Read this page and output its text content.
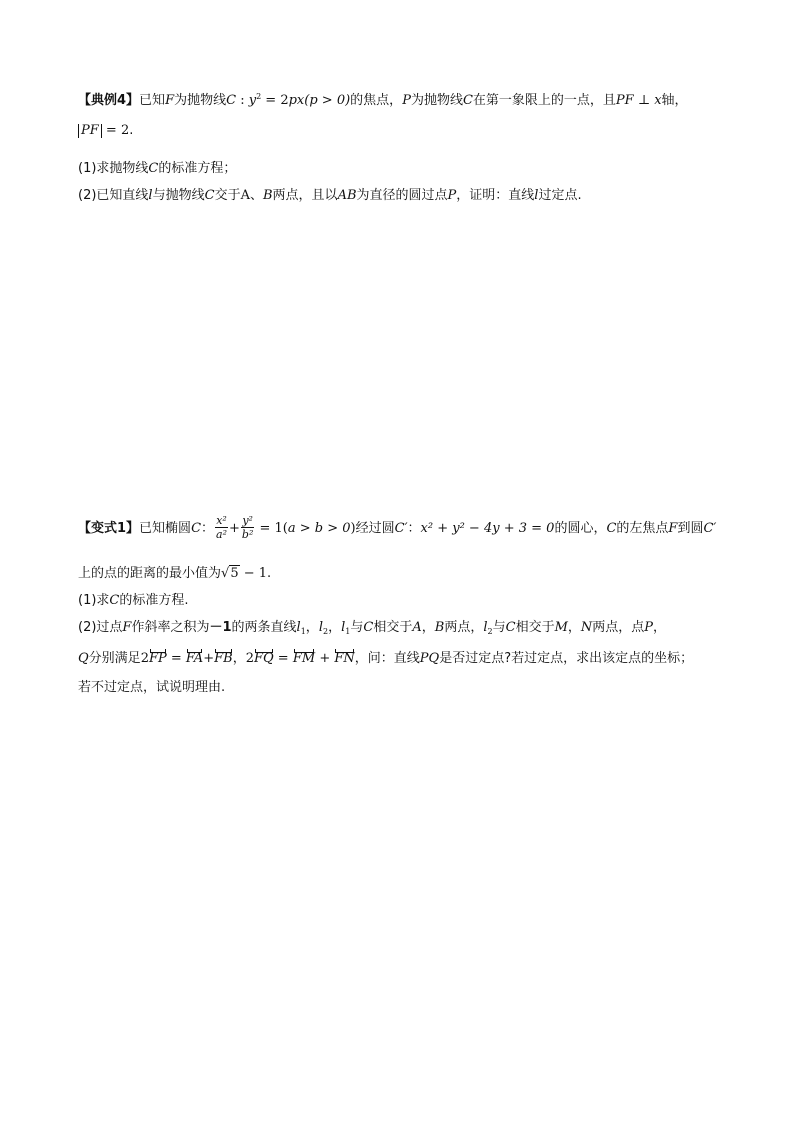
【典例4】已知F为抛物线C : $y^2 = 2px(p > 0)$的焦点，P为抛物线C在第一象限上的一点，且PF ⊥ x轴，
PF = 2.
(1)求抛物线C的标准方程；
(2)已知直线l与抛物线C交于A、B两点，且以AB为直径的圆过点P，证明：直线l过定点.
【变式1】已知椭圆C： $\frac{\text{x²}}{\text{a²}} + \frac{\text{y²}}{\text{b²}} = 1(a > b > 0)$经过圆C′：x² + y² − 4y + 3 = 0的圆心，C的左焦点F到圆C′
上的点的距离的最小值为√5 − 1.
(1)求C的标准方程.
(2)过点F作斜率之积为－1的两条直线$l_1$，$l_2$，$l_1$与C相交于A，B两点，$l_2$与C相交于M，N两点，点P，
Q分别满足2FP = FA+FB，2FQ = FM + FN，问：直线PQ是否过定点?若过定点，求出该定点的坐标；
若不过定点，试说明理由.
